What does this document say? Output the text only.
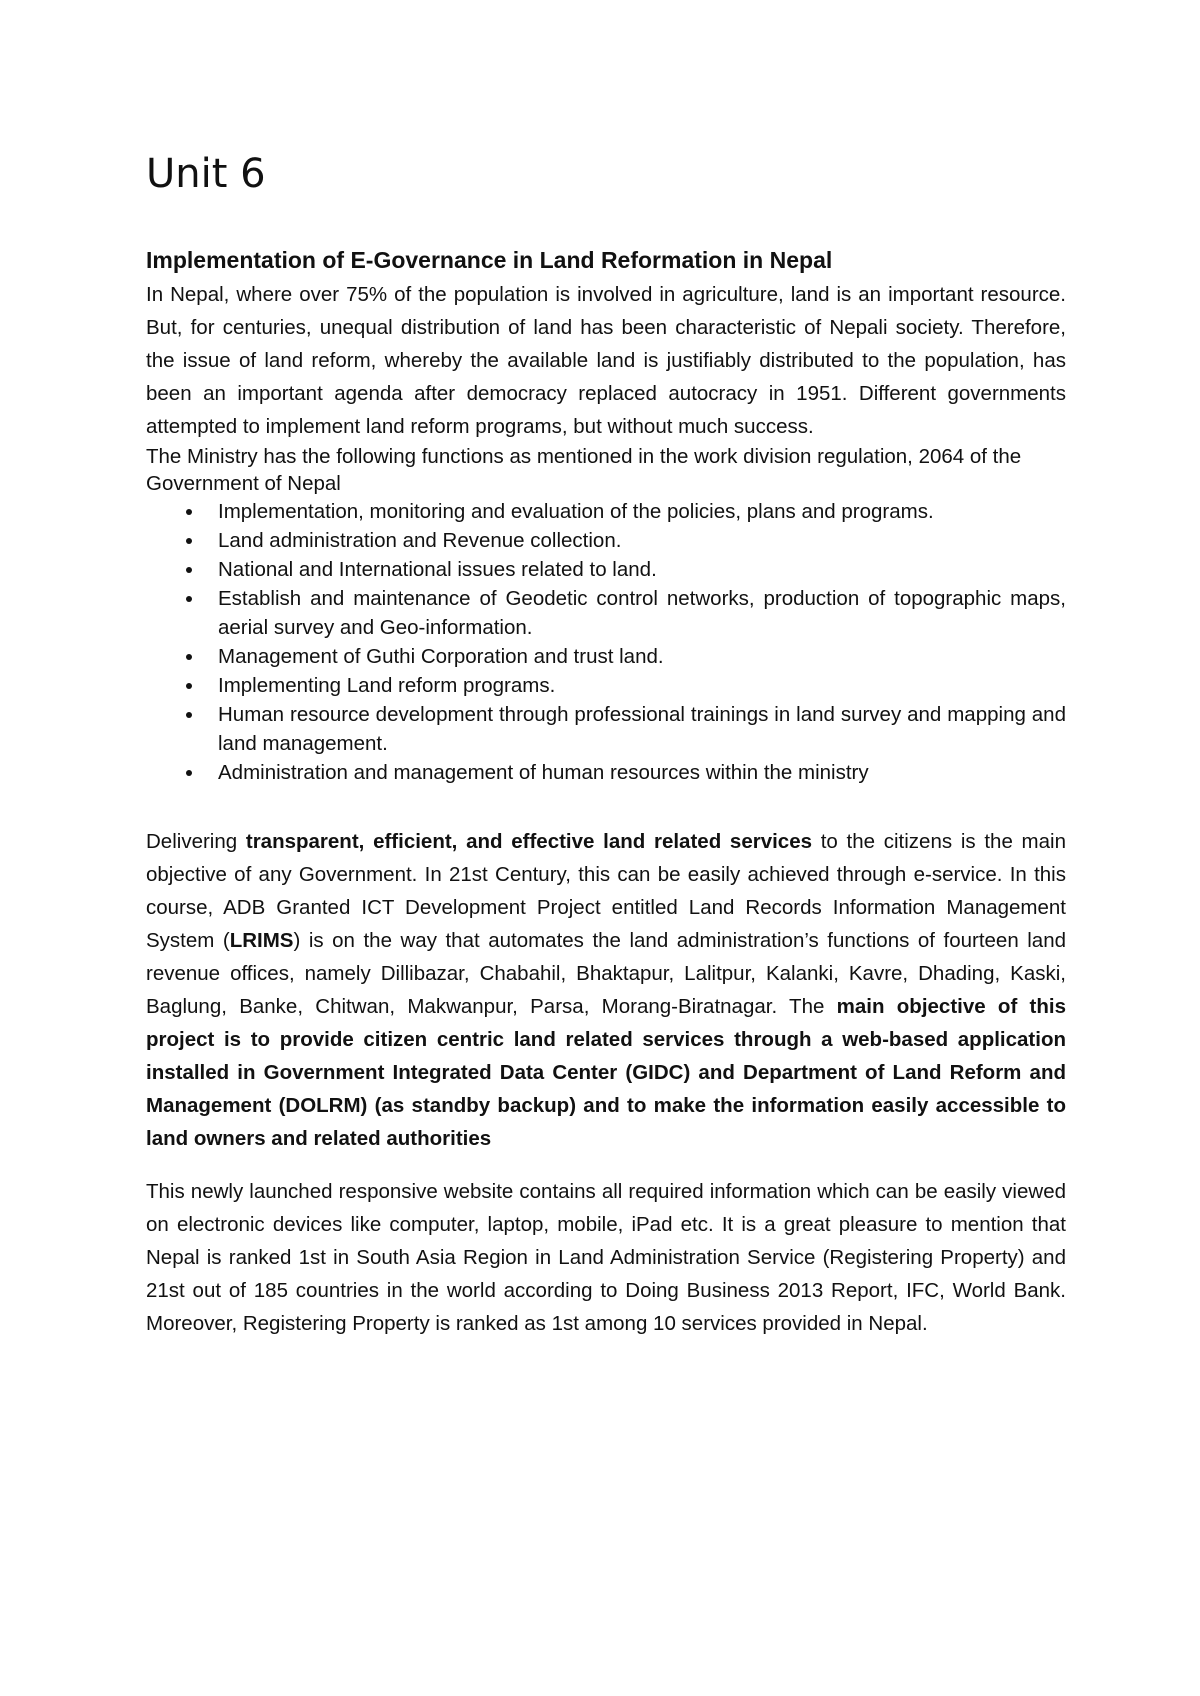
Unit 6
Implementation of E-Governance in Land Reformation in Nepal

In Nepal, where over 75% of the population is involved in agriculture, land is an important resource. But, for centuries, unequal distribution of land has been characteristic of Nepali society. Therefore, the issue of land reform, whereby the available land is justifiably distributed to the population, has been an important agenda after democracy replaced autocracy in 1951. Different governments attempted to implement land reform programs, but without much success.

The Ministry has the following functions as mentioned in the work division regulation, 2064 of the Government of Nepal

Implementation, monitoring and evaluation of the policies, plans and programs.
Land administration and Revenue collection.
National and International issues related to land.
Establish and maintenance of Geodetic control networks, production of topographic maps, aerial survey and Geo-information.
Management of Guthi Corporation and trust land.
Implementing Land reform programs.
Human resource development through professional trainings in land survey and mapping and land management.
Administration and management of human resources within the ministry

Delivering transparent, efficient, and effective land related services to the citizens is the main objective of any Government. In 21st Century, this can be easily achieved through e-service. In this course, ADB Granted ICT Development Project entitled Land Records Information Management System (LRIMS) is on the way that automates the land administration’s functions of fourteen land revenue offices, namely Dillibazar, Chabahil, Bhaktapur, Lalitpur, Kalanki, Kavre, Dhading, Kaski, Baglung, Banke, Chitwan, Makwanpur, Parsa, Morang-Biratnagar. The main objective of this project is to provide citizen centric land related services through a web-based application installed in Government Integrated Data Center (GIDC) and Department of Land Reform and Management (DOLRM) (as standby backup) and to make the information easily accessible to land owners and related authorities

This newly launched responsive website contains all required information which can be easily viewed on electronic devices like computer, laptop, mobile, iPad etc. It is a great pleasure to mention that Nepal is ranked 1st in South Asia Region in Land Administration Service (Registering Property) and 21st out of 185 countries in the world according to Doing Business 2013 Report, IFC, World Bank. Moreover, Registering Property is ranked as 1st among 10 services provided in Nepal.
